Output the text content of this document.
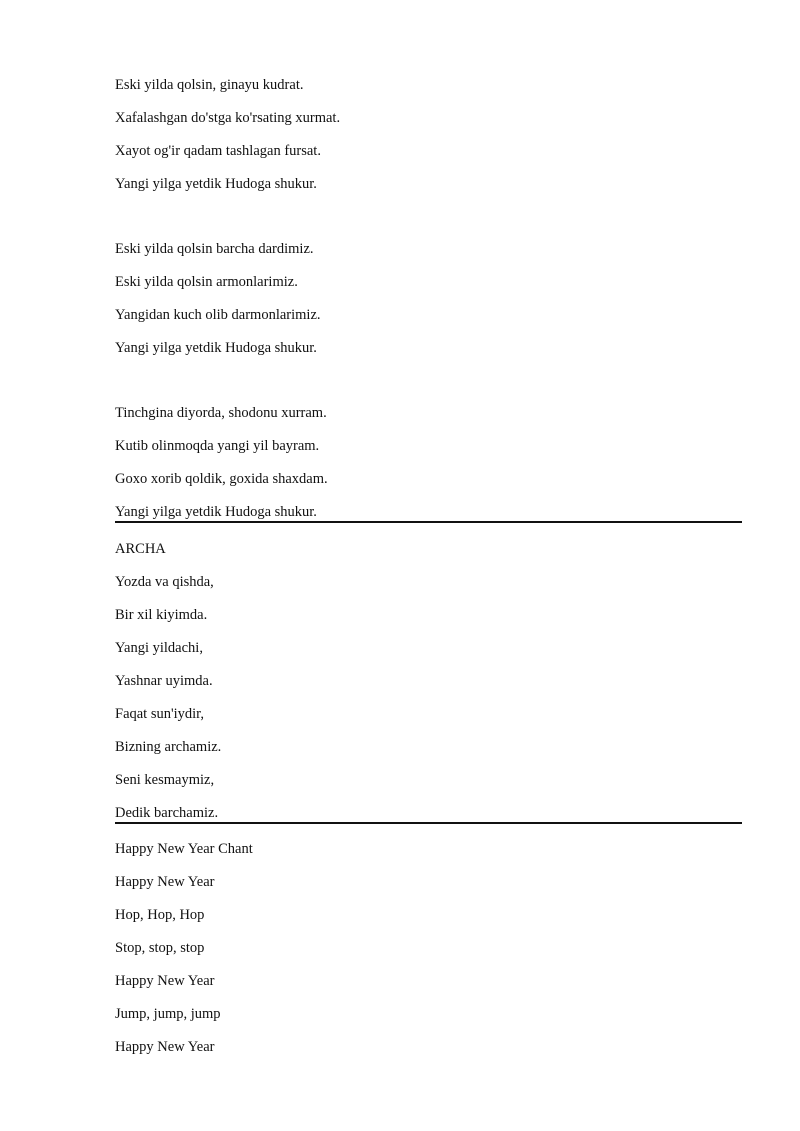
Eski yilda qolsin, ginayu kudrat.

Xafalashgan do'stga ko'rsating xurmat.

Xayot og'ir qadam tashlagan fursat.

Yangi yilga yetdik Hudoga shukur.

Eski yilda qolsin barcha dardimiz.

Eski yilda qolsin armonlarimiz.

Yangidan kuch olib darmonlarimiz.

Yangi yilga yetdik Hudoga shukur.

Tinchgina diyorda, shodonu xurram.

Kutib olinmoqda yangi yil bayram.

Goxo xorib qoldik, goxida shaxdam.

Yangi yilga yetdik Hudoga shukur.

ARCHA

Yozda va qishda,

Bir xil kiyimda.

Yangi yildachi,

Yashnar uyimda.

Faqat sun'iydir,

Bizning archamiz.

Seni kesmaymiz,

Dedik barchamiz.

Happy New Year Chant

Happy New Year

Hop, Hop, Hop

Stop, stop, stop

Happy New Year

Jump, jump, jump

Happy New Year
